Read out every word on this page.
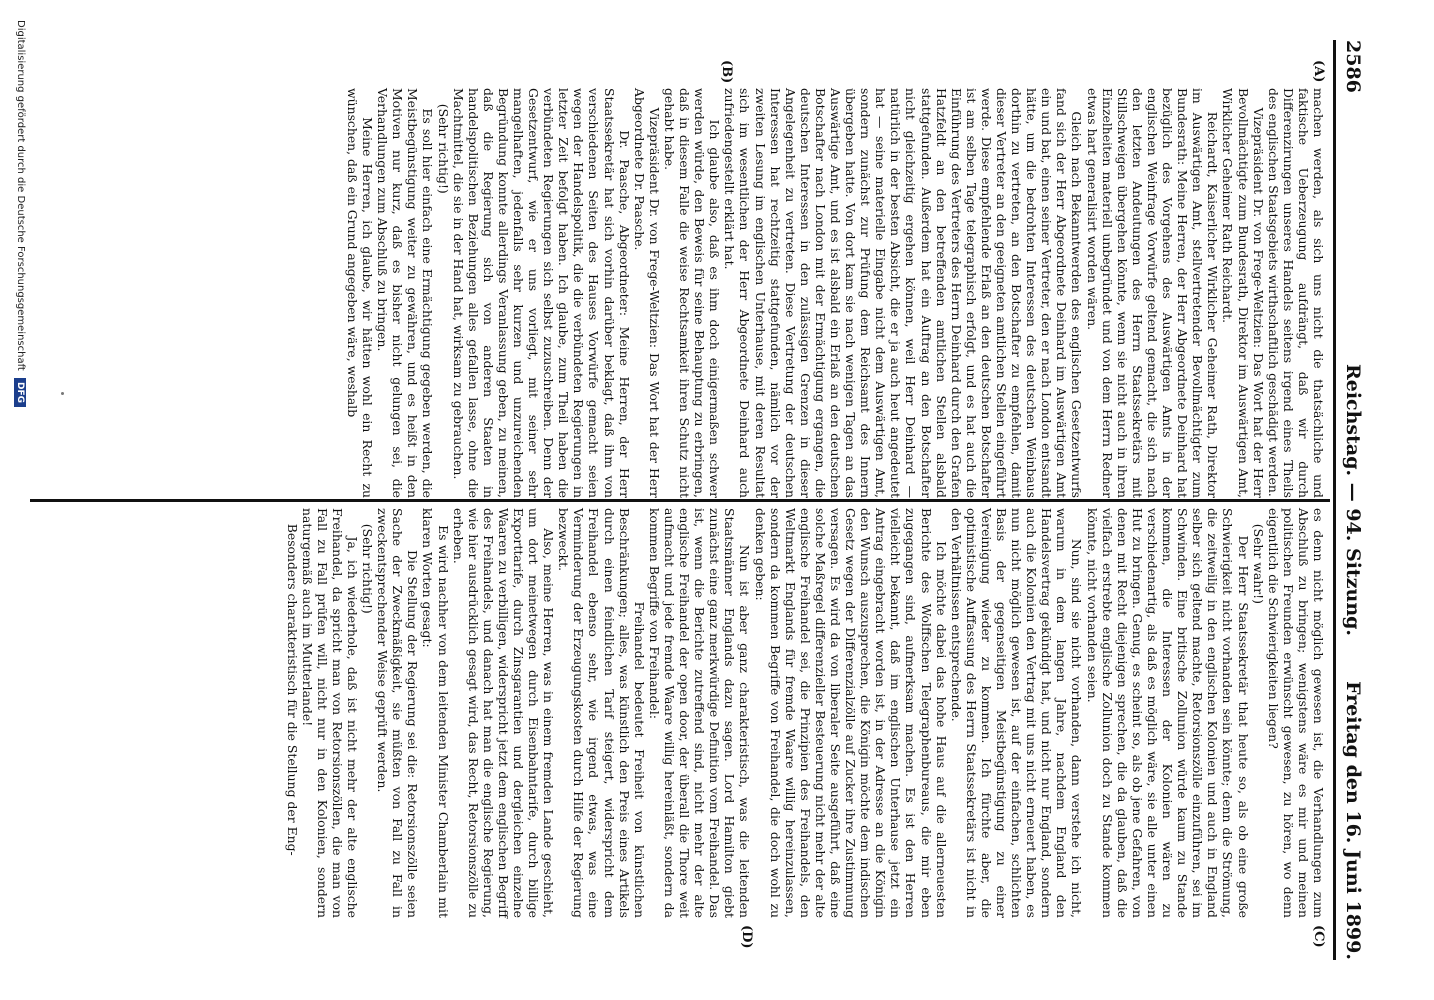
2586
Reichstag. — 94. Sitzung.
Freitag den 16. Juni 1899.
(A)
(B)
(C)
(D)
machen werden, als sich uns nicht die thatsächliche und faktische Ueberzeugung aufdrängt, daß wir durch Differenzirungen unseres Handels seitens irgend eines Theils des englischen Staatsgebiets wirthschaftlich geschädigt werden.
Vizepräsident Dr. von Frege-Weltzien: Das Wort hat der Herr Bevollmächtigte zum Bundesrath, Direktor im Auswärtigen Amt, Wirklicher Geheimer Rath Reichardt.
Reichardt, Kaiserlicher Wirklicher Geheimer Rath, Direktor im Auswärtigen Amt, stellvertretender Bevollmächtigter zum Bundesrath: Meine Herren, der Herr Abgeordnete Deinhard hat bezüglich des Vorgehens des Auswärtigen Amts in der englischen Weinfrage Vorwürfe geltend gemacht, die sich nach den letzten Andeutungen des Herrn Staatssekretärs mit Stillschweigen übergehen könnte, wenn sie nicht auch in ihren Einzelheiten materiell unbegründet und von dem Herrn Redner etwas hart generalisirt worden wären.
Gleich nach Bekanntwerden des englischen Gesetzentwurfs fand sich der Herr Abgeordnete Deinhard im Auswärtigen Amt ein und bat, einen seiner Vertreter, den er nach London entsandt hätte, um die bedrohten Interessen des deutschen Weinbaus dorthin zu vertreten, an den Botschafter zu empfehlen, damit dieser Vertreter an den geeigneten amtlichen Stellen eingeführt werde. Diese empfehlende Erlaß an den deutschen Botschafter ist am selben Tage telegraphisch erfolgt, und es hat auch die Einführung des Vertreters des Herrn Deinhard durch den Grafen Hatzfeldt an den betreffenden amtlichen Stellen alsbald stattgefunden. Außerdem hat ein Auftrag an den Botschafter nicht gleichzeitig ergehen können, weil Herr Deinhard — natürlich in der besten Absicht, die er ja auch heut angedeutet hat — seine materielle Eingabe nicht dem Auswärtigen Amt, sondern zunächst zur Prüfung dem Reichsamt des Innern übergeben hatte. Von dort kam sie nach wenigen Tagen an das Auswärtige Amt, und es ist alsbald ein Erlaß an den deutschen Botschafter nach London mit der Ermächtigung ergangen, die deutschen Interessen in den zulässigen Grenzen in dieser Angelegenheit zu vertreten. Diese Vertretung der deutschen Interessen hat rechtzeitig stattgefunden, nämlich vor der zweiten Lesung im englischen Unterhause, mit deren Resultat sich im wesentlichen der Herr Abgeordnete Deinhard auch zufriedengestellt erklärt hat.
Ich glaube also, daß es ihm doch einigermaßen schwer werden würde, den Beweis für seine Behauptung zu erbringen, daß in diesem Falle die weise Rechtsamkeit ihren Schutz nicht gehabt habe.
Vizepräsident Dr. von Frege-Weltzien: Das Wort hat der Herr Abgeordnete Dr. Paasche.
Dr. Paasche, Abgeordneter: Meine Herren, der Herr Staatssekretär hat sich vorhin darüber beklagt, daß ihm von verschiedenen Seiten des Hauses Vorwürfe gemacht seien wegen der Handelspolitik, die die verbündeten Regierungen in letzter Zeit befolgt haben. Ich glaube, zum Theil haben die verbündeten Regierungen sich selbst zuzuschreiben. Denn der Gesetzentwurf, wie er uns vorliegt, mit seiner sehr mangelhaften, jedenfalls sehr kurzen und unzureichenden Begründung konnte allerdings Veranlassung geben, zu meinen, daß die Regierung sich von anderen Staaten in handelspolitischen Beziehungen alles gefallen lasse, ohne die Machtmittel, die sie in der Hand hat, wirksam zu gebrauchen.
(Sehr richtig!)
Es soll hier einfach eine Ermächtigung gegeben werden, die Meistbegünstigung weiter zu gewähren, und es heißt in den Motiven nur kurz, daß es bisher nicht gelungen sei, die Verhandlungen zum Abschluß zu bringen.
Meine Herren, ich glaube, wir hätten wohl ein Recht zu wünschen, daß ein Grund angegeben wäre, weshalb
es denn nicht möglich gewesen ist, die Verhandlungen zum Abschluß zu bringen; wenigstens wäre es mir und meinen politischen Freunden erwünscht gewesen, zu hören, wo denn eigentlich die Schwierigkeiten liegen?
(Sehr wahr!)
Der Herr Staatssekretär that heute so, als ob eine große Schwierigkeit nicht vorhanden sein könnte; denn die Strömung, die zeitweilig in den englischen Kolonien und auch in England selber sich geltend machte, Retorsionszölle einzuführen, sei im Schwinden. Eine britische Zollunion würde kaum zu Stande kommen, die Interessen der Kolonien wären zu verschiedenartig, als daß es möglich wäre, sie alle unter einen Hut zu bringen. Genug, es scheint so, als ob jene Gefahren, von denen mit Recht diejenigen sprechen, die da glauben, daß die vielfach erstrebte englische Zollunion doch zu Stande kommen könnte, nicht vorhanden seien.
Nun, sind sie nicht vorhanden, dann verstehe ich nicht, warum in dem langen Jahre, nachdem England den Handelsvertrag gekündigt hat, und nicht nur England, sondern auch die Kolonien den Vertrag mit uns nicht erneuert haben, es nun nicht möglich gewesen ist, auf der einfachen, schlichten Basis der gegenseitigen Meistbegünstigung zu einer Vereinigung wieder zu kommen. Ich fürchte aber, die optimistische Auffassung des Herrn Staatssekretärs ist nicht in den Verhältnissen entsprechende.
Ich möchte dabei das hohe Haus auf die allerneuesten Berichte des Wolffschen Telegraphenbureaus, die mir eben zugegangen sind, aufmerksam machen. Es ist den Herren vielleicht bekannt, daß im englischen Unterhause jetzt ein Antrag eingebracht worden ist, in der Adresse an die Königin den Wunsch auszusprechen, die Königin möchte dem indischen Gesetz wegen der Differenzialzölle auf Zucker ihre Zustimmung versagen. Es wird da von liberaler Seite ausgeführt, daß eine solche Maßregel differenzieller Besteuerung nicht mehr der alte englische Freihandel sei, die Prinzipien des Freihandels, den Weltmarkt Englands für fremde Waare willig hereinzulassen, sondern da kommen Begriffe von Freihandel, die doch wohl zu denken geben:
Nun ist aber ganz charakteristisch, was die leitenden Staatsmänner Englands dazu sagen. Lord Hamilton giebt zunächst eine ganz merkwürdige Definition vom Freihandel. Das ist, wenn die Berichte zutreffend sind, nicht mehr der alte englische Freihandel der open door, der überall die Thore weit aufmacht und jede fremde Waare willig hereinläßt, sondern da kommen Begriffe von Freihandel:
Freihandel bedeutet Freiheit von künstlichen Beschränkungen; alles, was künstlich den Preis eines Artikels durch einen feindlichen Tarif steigert, widerspricht dem Freihandel ebenso sehr, wie irgend etwas, was eine Verminderung der Erzeugungskosten durch Hilfe der Regierung bezweckt.
Also, meine Herren, was in einem fremden Lande geschieht, um dort meinetwegen durch Eisenbahntarife, durch billige Exporttarife, durch Zinsgarantien und dergleichen einzelne Waaren zu verbilligen, widerspricht jetzt dem englischen Begriff des Freihandels, und danach hat man die englische Regierung, wie hier ausdrücklich gesagt wird, das Recht, Retorsionszölle zu erheben.
Es wird nachher von dem leitenden Minister Chamberlain mit klaren Worten gesagt:
Die Stellung der Regierung sei die: Retorsionszölle seien Sache der Zweckmäßigkeit, sie müßten von Fall zu Fall in zweckentsprechender Weise geprüft werden.
(Sehr richtig!)
Ja, ich wiederhole, daß ist nicht mehr der alte englische Freihandel, da spricht man von Retorsionszöllen, die man von Fall zu Fall prüfen will, nicht nur in den Kolonien, sondern naturgemäß auch im Mutterlande!
Besonders charakteristisch für die Stellung der Eng-
Digitalisierung gefördert durch die Deutsche Forschungsgemeinschaft DFG
